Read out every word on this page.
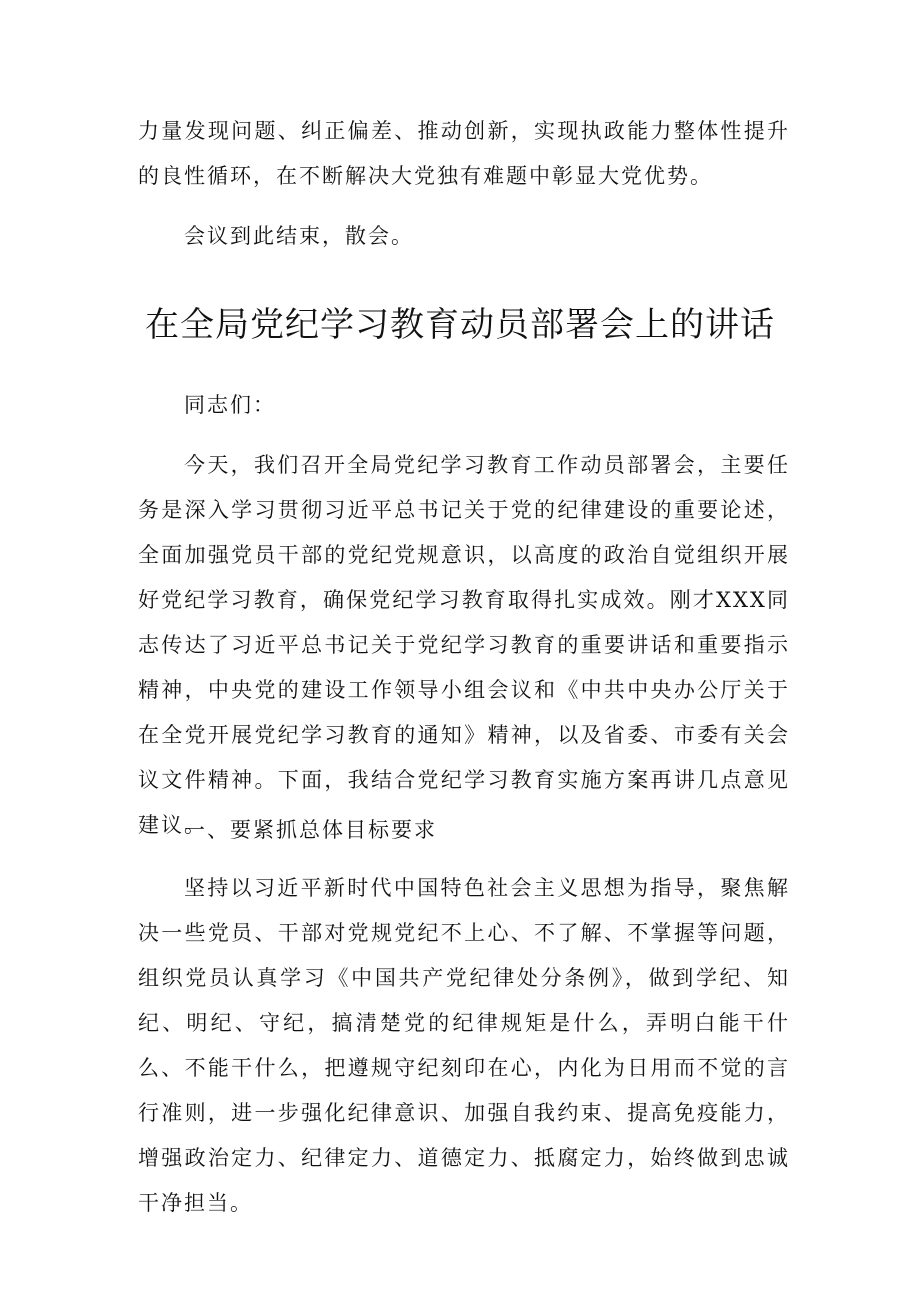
力量发现问题、纠正偏差、推动创新，实现执政能力整体性提升的良性循环，在不断解决大党独有难题中彰显大党优势。

会议到此结束，散会。

在全局党纪学习教育动员部署会上的讲话

同志们：

今天，我们召开全局党纪学习教育工作动员部署会，主要任务是深入学习贯彻习近平总书记关于党的纪律建设的重要论述，全面加强党员干部的党纪党规意识，以高度的政治自觉组织开展好党纪学习教育，确保党纪学习教育取得扎实成效。刚才XXX同志传达了习近平总书记关于党纪学习教育的重要讲话和重要指示精神，中央党的建设工作领导小组会议和《中共中央办公厅关于在全党开展党纪学习教育的通知》精神，以及省委、市委有关会议文件精神。下面，我结合党纪学习教育实施方案再讲几点意见建议。

一、要紧抓总体目标要求

坚持以习近平新时代中国特色社会主义思想为指导，聚焦解决一些党员、干部对党规党纪不上心、不了解、不掌握等问题，组织党员认真学习《中国共产党纪律处分条例》，做到学纪、知纪、明纪、守纪，搞清楚党的纪律规矩是什么，弄明白能干什么、不能干什么，把遵规守纪刻印在心，内化为日用而不觉的言行准则，进一步强化纪律意识、加强自我约束、提高免疫能力，增强政治定力、纪律定力、道德定力、抵腐定力，始终做到忠诚干净担当。
